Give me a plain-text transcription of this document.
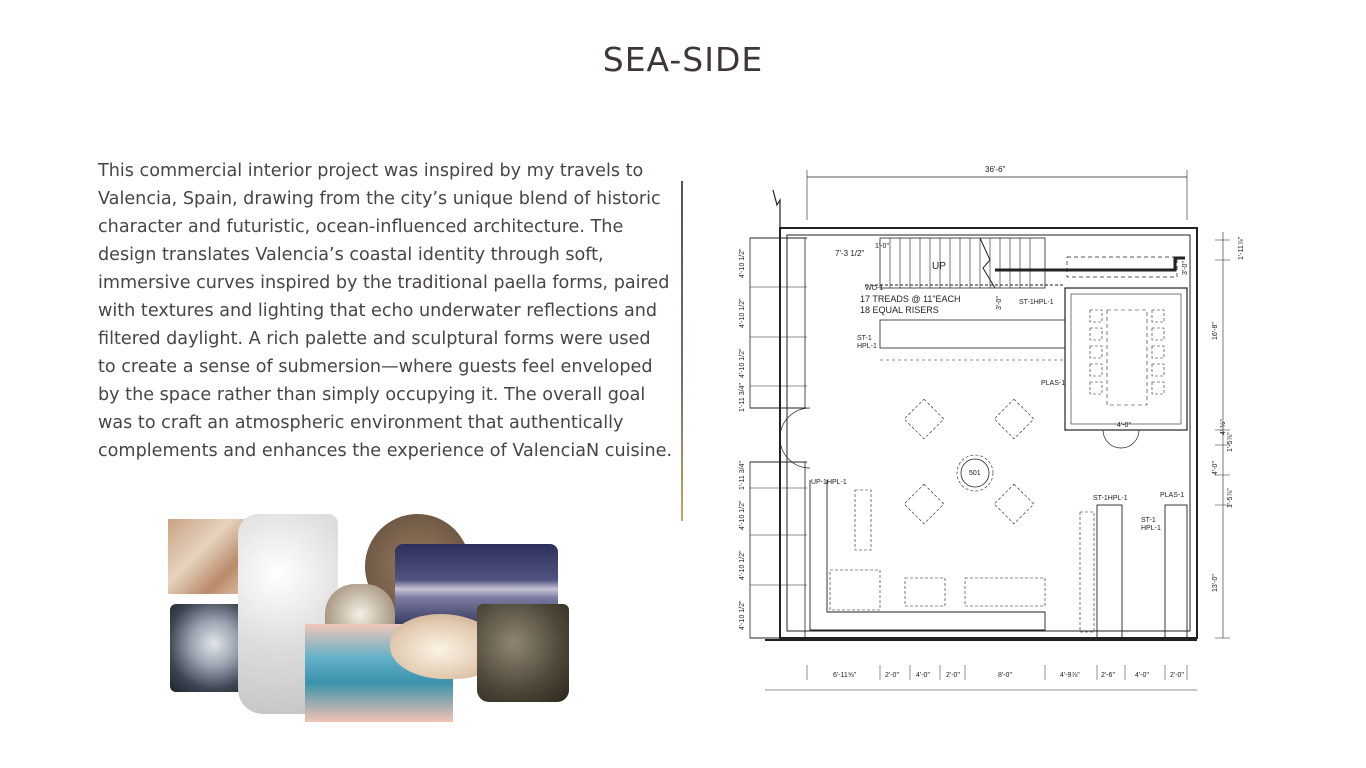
SEA-SIDE

This commercial interior project was inspired by my travels to Valencia, Spain, drawing from the city’s unique blend of historic character and futuristic, ocean-influenced architecture. The design translates Valencia’s coastal identity through soft, immersive curves inspired by the traditional paella forms, paired with textures and lighting that echo underwater reflections and filtered daylight. A rich palette and sculptural forms were used to create a sense of submersion—where guests feel enveloped by the space rather than simply occupying it. The overall goal was to craft an atmospheric environment that authentically complements and enhances the experience of ValenciaN cuisine.

36'-6"
7'-3 1/2"
1'-0"
UP
WO-1
17 TREADS @ 11"EACH
18 EQUAL RISERS
ST-1HPL-1
3'-0"
3'-0"
ST-1
HPL-1
PLAS-1
4'-0"
501
UP-1HPL-1
ST-1HPL-1	PLAS-1
ST-1
HPL-1
4'-10 1/2"
4'-10 1/2"
4'-10 1/2"
1'-11 3/4"
1'-11 3/4"
4'-10 1/2"
4'-10 1/2"
4'-10 1/2"
1'-11⅞"
16'-8"
1'-5⅞"
4'-½"
4'-0"
1'-5⅞"
13'-0"
6'-11⅝"	2'-0" 4'-0" 2'-0"	8'-0"	4'-9⅞"	2'-6"	4'-0"	2'-0"
